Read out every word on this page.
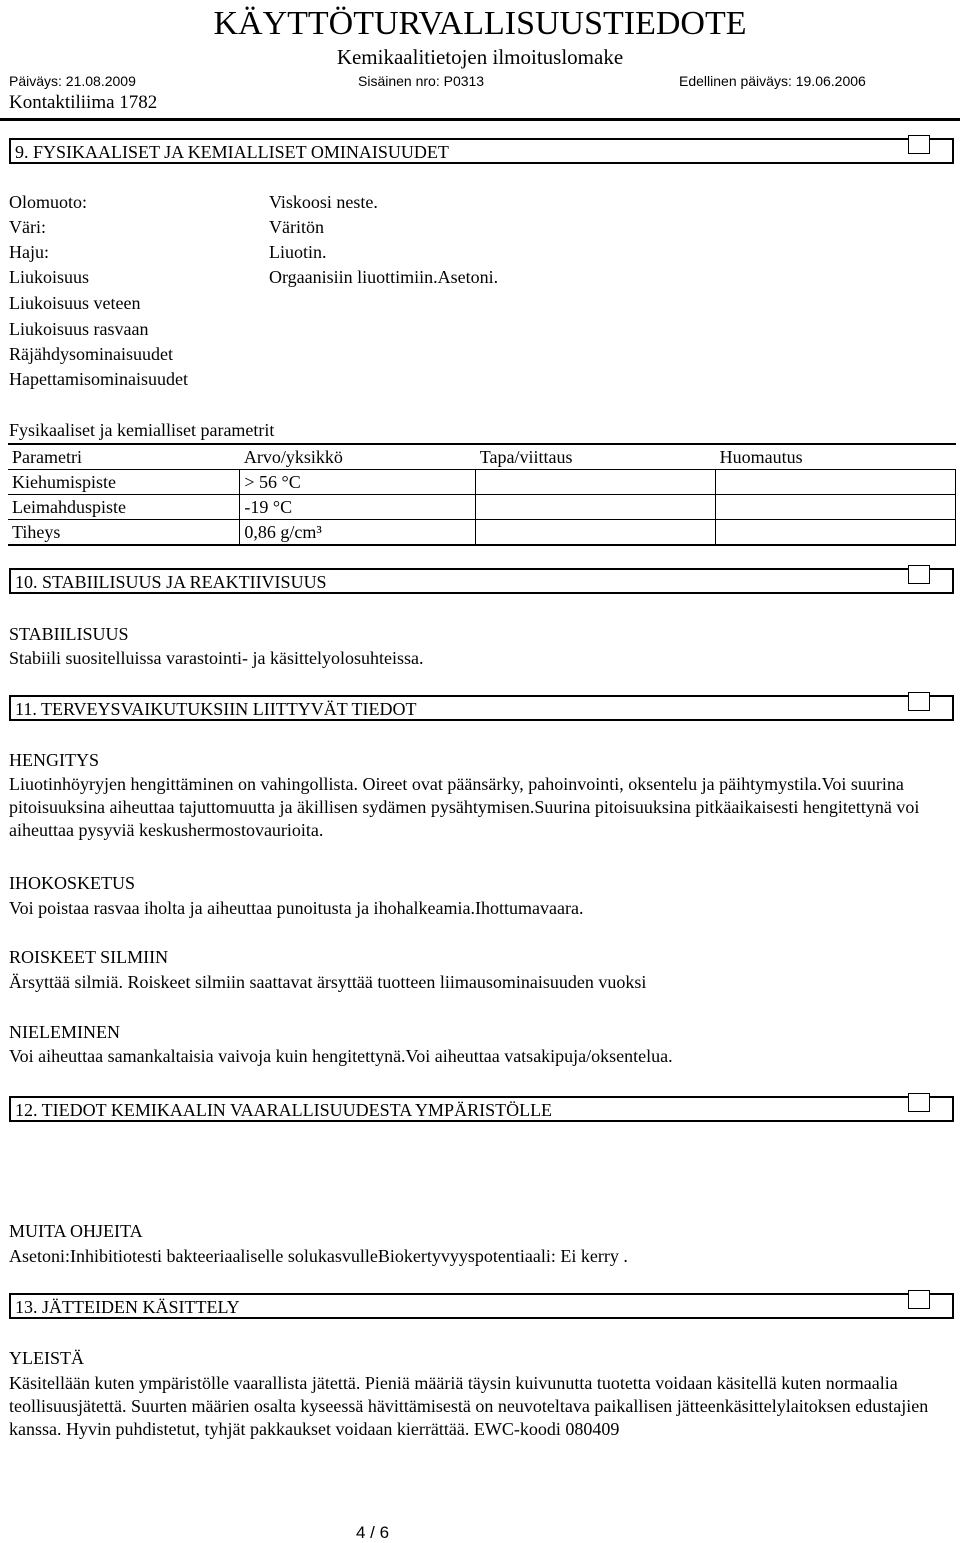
KÄYTTÖTURVALLISUUSTIEDOTE
Kemikaalitietojen ilmoituslomake
Päiväys: 21.08.2009	Sisäinen nro: P0313	Edellinen päiväys: 19.06.2006
Kontaktiliima 1782
9. FYSIKAALISET JA KEMIALLISET OMINAISUUDET
Olomuoto:	Viskoosi neste.
Väri:	Väritön
Haju:	Liuotin.
Liukoisuus	Orgaanisiin liuottimiin.Asetoni.
Liukoisuus veteen
Liukoisuus rasvaan
Räjähdysominaisuudet
Hapettamisominaisuudet
Fysikaaliset ja kemialliset parametrit
Parametri	Arvo/yksikkö	Tapa/viittaus	Huomautus
Kiehumispiste	> 56 °C		
Leimahduspiste	-19 °C		
Tiheys	0,86 g/cm³		
10. STABIILISUUS JA REAKTIIVISUUS
STABIILISUUS
Stabiili suositelluissa varastointi- ja käsittelyolosuhteissa.
11. TERVEYSVAIKUTUKSIIN LIITTYVÄT TIEDOT
HENGITYS
Liuotinhöyryjen hengittäminen on vahingollista. Oireet ovat päänsärky, pahoinvointi, oksentelu ja päihtymystila.Voi suurina pitoisuuksina aiheuttaa tajuttomuutta ja äkillisen sydämen pysähtymisen.Suurina pitoisuuksina pitkäaikaisesti hengitettynä voi aiheuttaa pysyviä keskushermostovaurioita.
IHOKOSKETUS
Voi poistaa rasvaa iholta ja aiheuttaa punoitusta ja ihohalkeamia.Ihottumavaara.
ROISKEET SILMIIN
Ärsyttää silmiä. Roiskeet silmiin saattavat ärsyttää tuotteen liimausominaisuuden vuoksi
NIELEMINEN
Voi aiheuttaa samankaltaisia vaivoja kuin hengitettynä.Voi aiheuttaa vatsakipuja/oksentelua.
12. TIEDOT KEMIKAALIN VAARALLISUUDESTA YMPÄRISTÖLLE
MUITA OHJEITA
Asetoni:Inhibitiotesti bakteeriaaliselle solukasvulleBiokertyvyyspotentiaali: Ei kerry .
13. JÄTTEIDEN KÄSITTELY
YLEISTÄ
Käsitellään kuten ympäristölle vaarallista jätettä. Pieniä määriä täysin kuivunutta tuotetta voidaan käsitellä kuten normaalia teollisuusjätettä. Suurten määrien osalta kyseessä hävittämisestä on neuvoteltava paikallisen jätteenkäsittelylaitoksen edustajien kanssa. Hyvin puhdistetut, tyhjät pakkaukset voidaan kierrättää. EWC-koodi 080409
4 / 6
